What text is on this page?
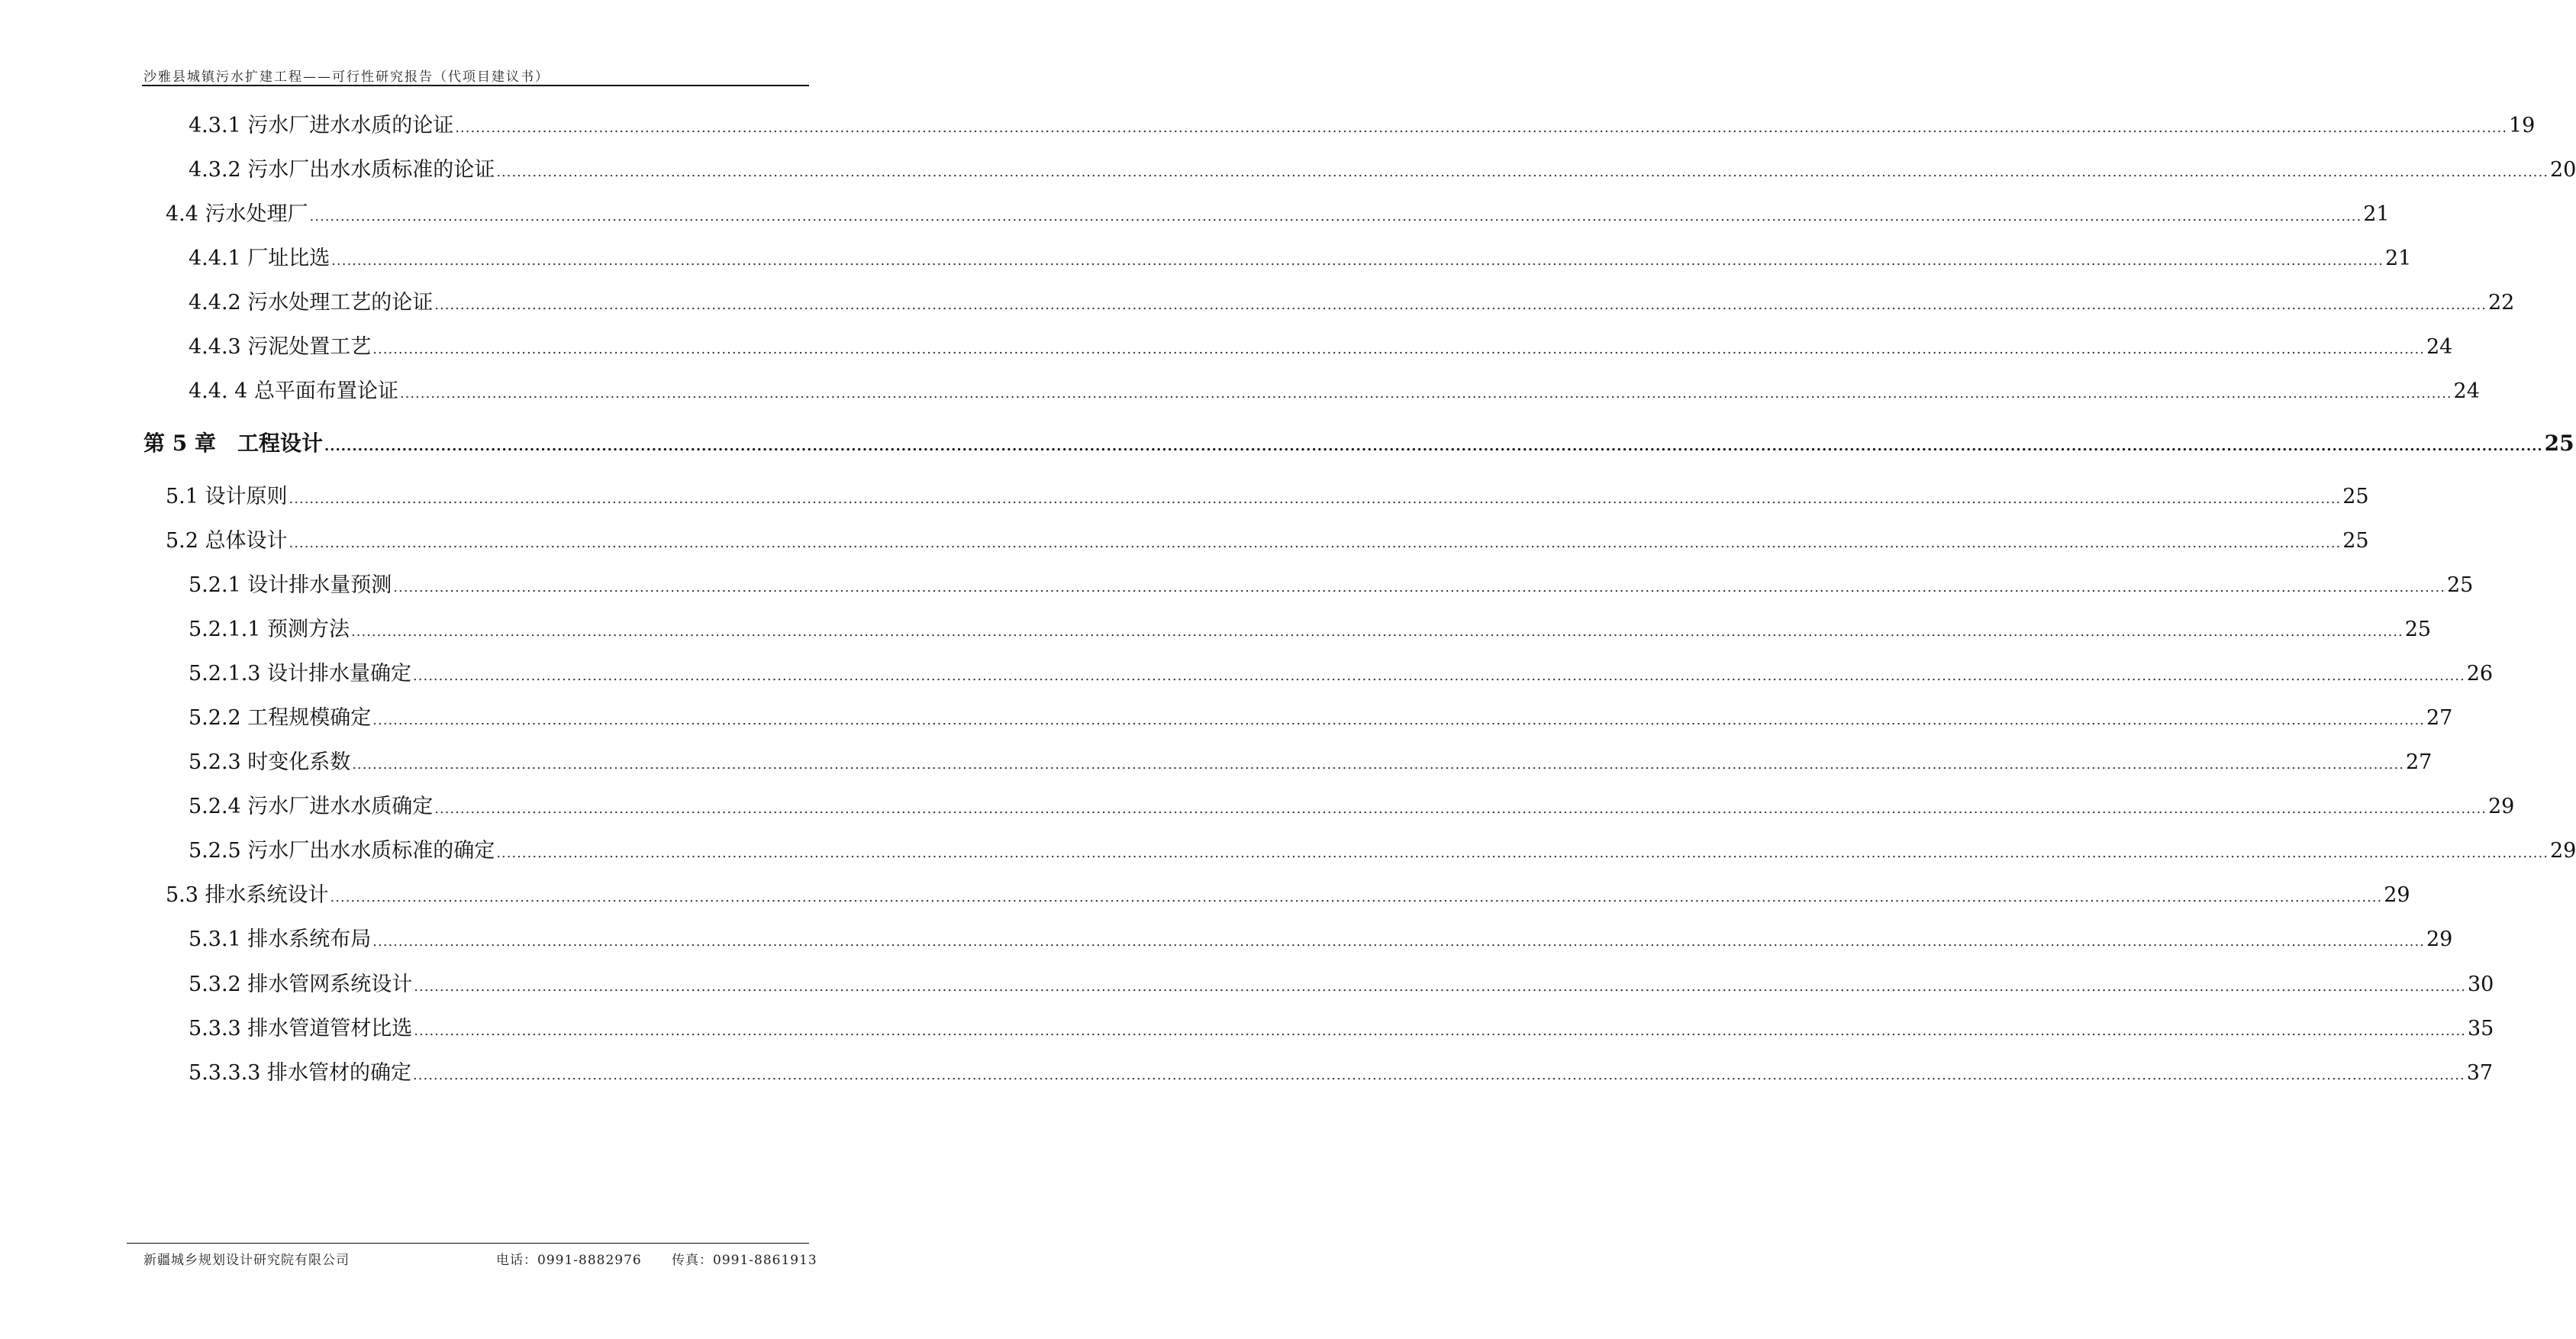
沙雅县城镇污水扩建工程——可行性研究报告（代项目建议书）
4.3.1 污水厂进水水质的论证 ................................................................................................................................................................................................................................................................................................................................................................................................................ 19
4.3.2 污水厂出水水质标准的论证 ................................................................................................................................................................................................................................................................................................................................................................................................................ 20
4.4 污水处理厂 ................................................................................................................................................................................................................................................................................................................................................................................................................ 21
4.4.1 厂址比选 ................................................................................................................................................................................................................................................................................................................................................................................................................ 21
4.4.2 污水处理工艺的论证 ................................................................................................................................................................................................................................................................................................................................................................................................................ 22
4.4.3 污泥处置工艺 ................................................................................................................................................................................................................................................................................................................................................................................................................ 24
4.4. 4 总平面布置论证 ................................................................................................................................................................................................................................................................................................................................................................................................................ 24
第 5 章　工程设计 ................................................................................................................................................................................................................................................................................................................................................................................................................ 25
5.1 设计原则 ................................................................................................................................................................................................................................................................................................................................................................................................................ 25
5.2 总体设计 ................................................................................................................................................................................................................................................................................................................................................................................................................ 25
5.2.1 设计排水量预测 ................................................................................................................................................................................................................................................................................................................................................................................................................ 25
5.2.1.1 预测方法 ................................................................................................................................................................................................................................................................................................................................................................................................................ 25
5.2.1.3 设计排水量确定 ................................................................................................................................................................................................................................................................................................................................................................................................................ 26
5.2.2 工程规模确定 ................................................................................................................................................................................................................................................................................................................................................................................................................ 27
5.2.3 时变化系数 ................................................................................................................................................................................................................................................................................................................................................................................................................ 27
5.2.4 污水厂进水水质确定 ................................................................................................................................................................................................................................................................................................................................................................................................................ 29
5.2.5 污水厂出水水质标准的确定 ................................................................................................................................................................................................................................................................................................................................................................................................................ 29
5.3 排水系统设计 ................................................................................................................................................................................................................................................................................................................................................................................................................ 29
5.3.1 排水系统布局 ................................................................................................................................................................................................................................................................................................................................................................................................................ 29
5.3.2 排水管网系统设计 ................................................................................................................................................................................................................................................................................................................................................................................................................ 30
5.3.3 排水管道管材比选 ................................................................................................................................................................................................................................................................................................................................................................................................................ 35
5.3.3.3 排水管材的确定 ................................................................................................................................................................................................................................................................................................................................................................................................................ 37
新疆城乡规划设计研究院有限公司	电话：0991-8882976 传真：0991-8861913
